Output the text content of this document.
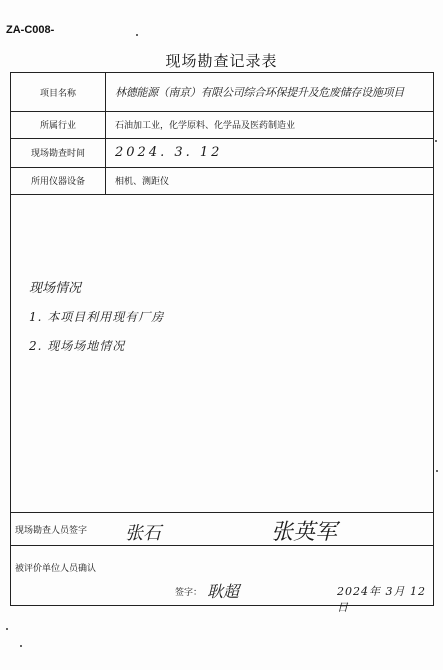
ZA-C008-
现场勘查记录表
项目名称	林德能源（南京）有限公司综合环保提升及危废储存设施项目
所属行业	石油加工业，化学原料、化学品及医药制造业
现场勘查时间	2024. 3. 12
所用仪器设备	相机、测距仪
现场情况
1. 本项目利用现有厂房
2. 现场场地情况
现场勘查人员签字 张石	张英军
被评价单位人员确认
签字： 耿超	2024年 3月 12日
